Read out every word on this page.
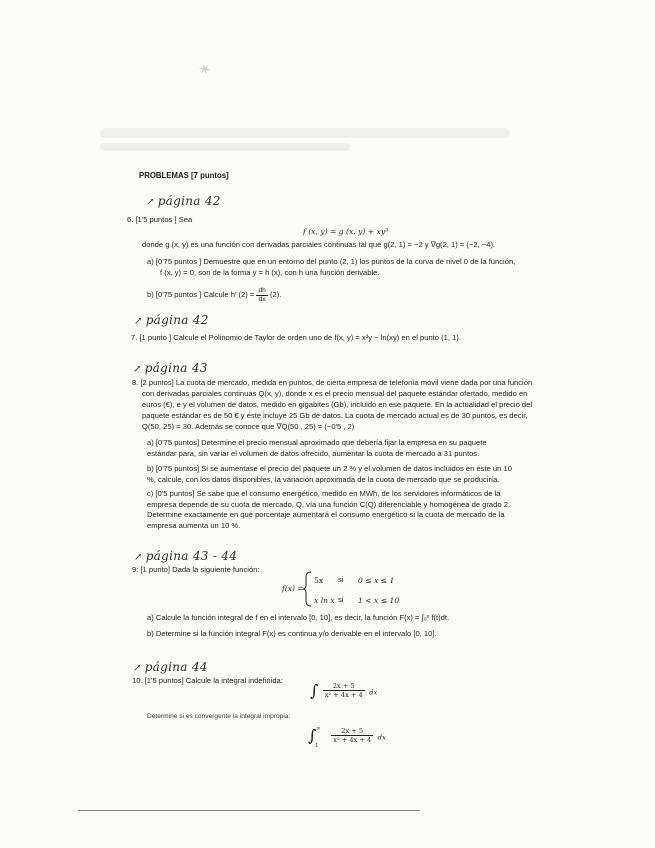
✶
PROBLEMAS [7 puntos]
↗ página 42
6. [1'5 puntos ] Sea
f (x, y) = g (x, y) + xy³
donde g (x, y) es una función con derivadas parciales continuas tal que g(2, 1) = −2 y ∇g(2, 1) = (−2, −4).
a) [0'75 puntos ] Demuestre que en un entorno del punto (2, 1) los puntos de la curva de nivel 0 de la función,
f (x, y) = 0, son de la forma y = h (x), con h una función derivable.
b) [0'75 puntos ] Calcule h′ $(2) = \frac{dh}{dx} (2)$.
↗ página 42
7. [1 punto ] Calcule el Polinomio de Taylor de orden uno de f(x, y) = x²y − ln(xy) en el punto (1, 1).
↗ página 43
8. [2 puntos] La cuota de mercado, medida en puntos, de cierta empresa de telefonía móvil viene dada por una función
con derivadas parciales continuas Q(x, y), donde x es el precio mensual del paquete estándar ofertado, medido en
euros (€), e y el volumen de datos, medido en gigabites (Gb), incluido en ese paquete. En la actualidad el precio del
paquete estándar es de 50 € y éste incluye 25 Gb de datos. La cuota de mercado actual es de 30 puntos, es decir,
Q(50, 25) = 30. Además se conoce que ∇Q(50 , 25) = (−0'5 , 2)
a) [0'75 puntos] Determine el precio mensual aproximado que debería fijar la empresa en su paquete estándar para, sin variar el volumen de datos ofrecido, aumentar la cuota de mercado a 31 puntos.
b) [0'75 puntos] Si se aumentase el precio del paquete un 2 % y el volumen de datos incluidos en éste un 10 %, calcule, con los datos disponibles, la variación aproximada de la cuota de mercado que se produciría.
c) [0'5 puntos] Se sabe que el consumo energético, medido en MWh, de los servidores informáticos de la empresa depende de su cuota de mercado, Q, vía una función C(Q) diferenciable y homogénea de grado 2. Determine exactamente en qué porcentaje aumentará el consumo energético si la cuota de mercado de la empresa aumenta un 10 %.
↗ página 43 - 44
9: [1 punto] Dada la siguiente función:
f(x) =
5x si 0 ≤ x ≤ 1
x ln x si 1 < x ≤ 10
a) Calcule la función integral de f en el intervalo [0, 10], es decir, la función F(x) = ∫₀ˣ f(t)dt.
b) Determine si la función integral F(x) es continua y/o derivable en el intervalo [0, 10].
↗ página 44
10. [1'5 puntos] Calcule la integral indefinida:
∫ $\frac{2x + 5}{\text{x² + 4x + 4}}$ dx
Determine si es convergente la integral impropia:
∫ ∞
1

$\frac{2x + 5}{\text{x² + 4x + 4}}$ dx
